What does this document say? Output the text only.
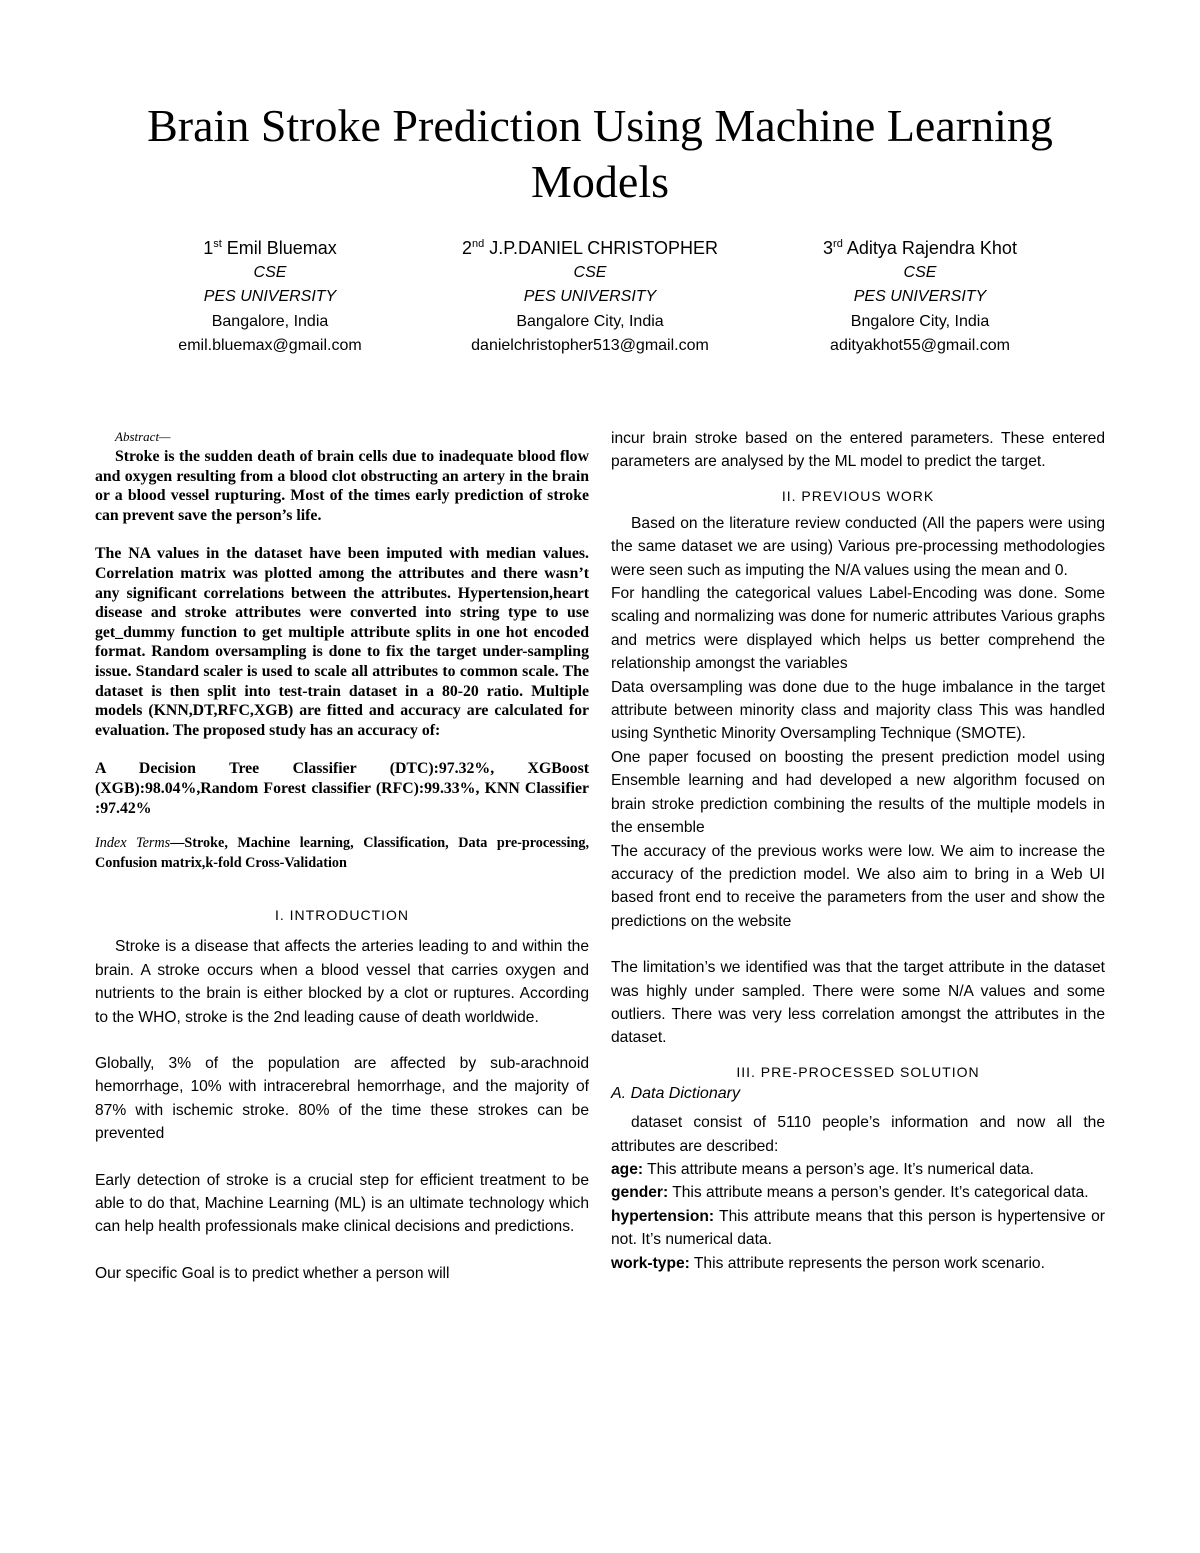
Brain Stroke Prediction Using Machine Learning Models
1st Emil Bluemax
CSE
PES UNIVERSITY
Bangalore, India
emil.bluemax@gmail.com
2nd J.P.DANIEL CHRISTOPHER
CSE
PES UNIVERSITY
Bangalore City, India
danielchristopher513@gmail.com
3rd Aditya Rajendra Khot
CSE
PES UNIVERSITY
Bngalore City, India
adityakhot55@gmail.com

Abstract—

Stroke is the sudden death of brain cells due to inadequate blood flow and oxygen resulting from a blood clot obstructing an artery in the brain or a blood vessel rupturing. Most of the times early prediction of stroke can prevent save the person’s life.

The NA values in the dataset have been imputed with median values. Correlation matrix was plotted among the attributes and there wasn’t any significant correlations between the attributes. Hypertension,heart disease and stroke attributes were converted into string type to use get_dummy function to get multiple attribute splits in one hot encoded format. Random oversampling is done to fix the target under-sampling issue. Standard scaler is used to scale all attributes to common scale. The dataset is then split into test-train dataset in a 80-20 ratio. Multiple models (KNN,DT,RFC,XGB) are fitted and accuracy are calculated for evaluation. The proposed study has an accuracy of:

A Decision Tree Classifier (DTC):97.32%, XGBoost (XGB):98.04%,Random Forest classifier (RFC):99.33%, KNN Classifier :97.42%

Index Terms—Stroke, Machine learning, Classification, Data pre-processing, Confusion matrix,k-fold Cross-Validation

I. INTRODUCTION

Stroke is a disease that affects the arteries leading to and within the brain. A stroke occurs when a blood vessel that carries oxygen and nutrients to the brain is either blocked by a clot or ruptures. According to the WHO, stroke is the 2nd leading cause of death worldwide.

Globally, 3% of the population are affected by sub-arachnoid hemorrhage, 10% with intracerebral hemorrhage, and the majority of 87% with ischemic stroke. 80% of the time these strokes can be prevented

Early detection of stroke is a crucial step for efficient treatment to be able to do that, Machine Learning (ML) is an ultimate technology which can help health professionals make clinical decisions and predictions.

Our specific Goal is to predict whether a person will

incur brain stroke based on the entered parameters. These entered parameters are analysed by the ML model to predict the target.

II. PREVIOUS WORK

Based on the literature review conducted (All the papers were using the same dataset we are using) Various pre-processing methodologies were seen such as imputing the N/A values using the mean and 0.

For handling the categorical values Label-Encoding was done. Some scaling and normalizing was done for numeric attributes Various graphs and metrics were displayed which helps us better comprehend the relationship amongst the variables

Data oversampling was done due to the huge imbalance in the target attribute between minority class and majority class This was handled using Synthetic Minority Oversampling Technique (SMOTE).

One paper focused on boosting the present prediction model using Ensemble learning and had developed a new algorithm focused on brain stroke prediction combining the results of the multiple models in the ensemble

The accuracy of the previous works were low. We aim to increase the accuracy of the prediction model. We also aim to bring in a Web UI based front end to receive the parameters from the user and show the predictions on the website

The limitation’s we identified was that the target attribute in the dataset was highly under sampled. There were some N/A values and some outliers. There was very less correlation amongst the attributes in the dataset.

III. PRE-PROCESSED SOLUTION

A. Data Dictionary

dataset consist of 5110 people’s information and now all the attributes are described:

age: This attribute means a person’s age. It’s numerical data.

gender: This attribute means a person’s gender. It’s categorical data.

hypertension: This attribute means that this person is hypertensive or not. It’s numerical data.

work-type: This attribute represents the person work scenario.
